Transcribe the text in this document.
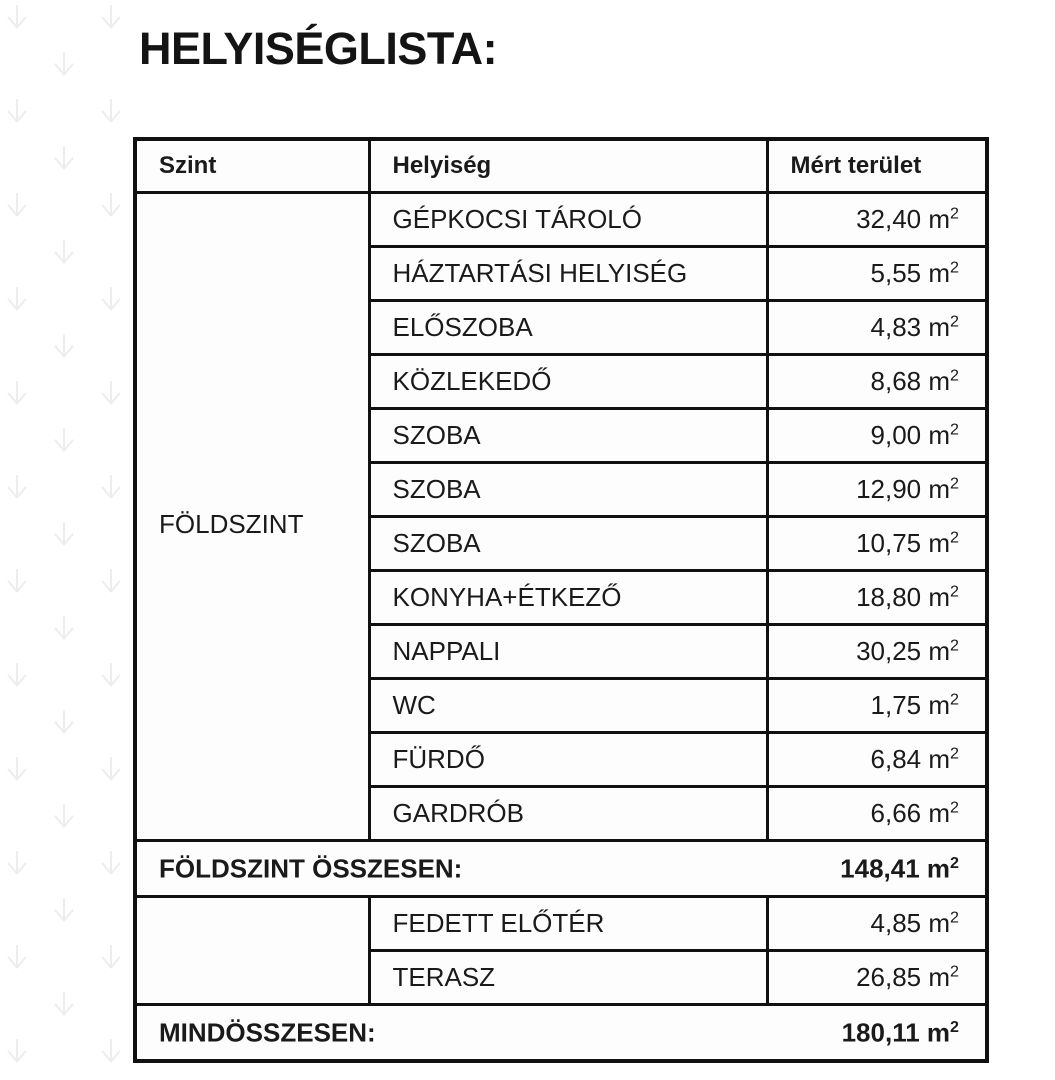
HELYISÉGLISTA:
Szint	Helyiség	Mért terület

FÖLDSZINT	GÉPKOCSI TÁROLÓ	32,40 $m^2$

	HÁZTARTÁSI HELYISÉG	5,55 $m^2$

	ELŐSZOBA	4,83 $m^2$

	KÖZLEKEDŐ	8,68 $m^2$

	SZOBA	9,00 $m^2$

	SZOBA	12,90 $m^2$

	SZOBA	10,75 $m^2$

	KONYHA+ÉTKEZŐ	18,80 $m^2$

	NAPPALI	30,25 $m^2$

	WC	1,75 $m^2$

	FÜRDŐ	6,84 $m^2$

	GARDRÓB	6,66 $m^2$

FÖLDSZINT ÖSSZESEN: 148,41 $m^2$

	FEDETT ELŐTÉR	4,85 $m^2$

	TERASZ	26,85 $m^2$

MINDÖSSZESEN: 180,11 $m^2$
